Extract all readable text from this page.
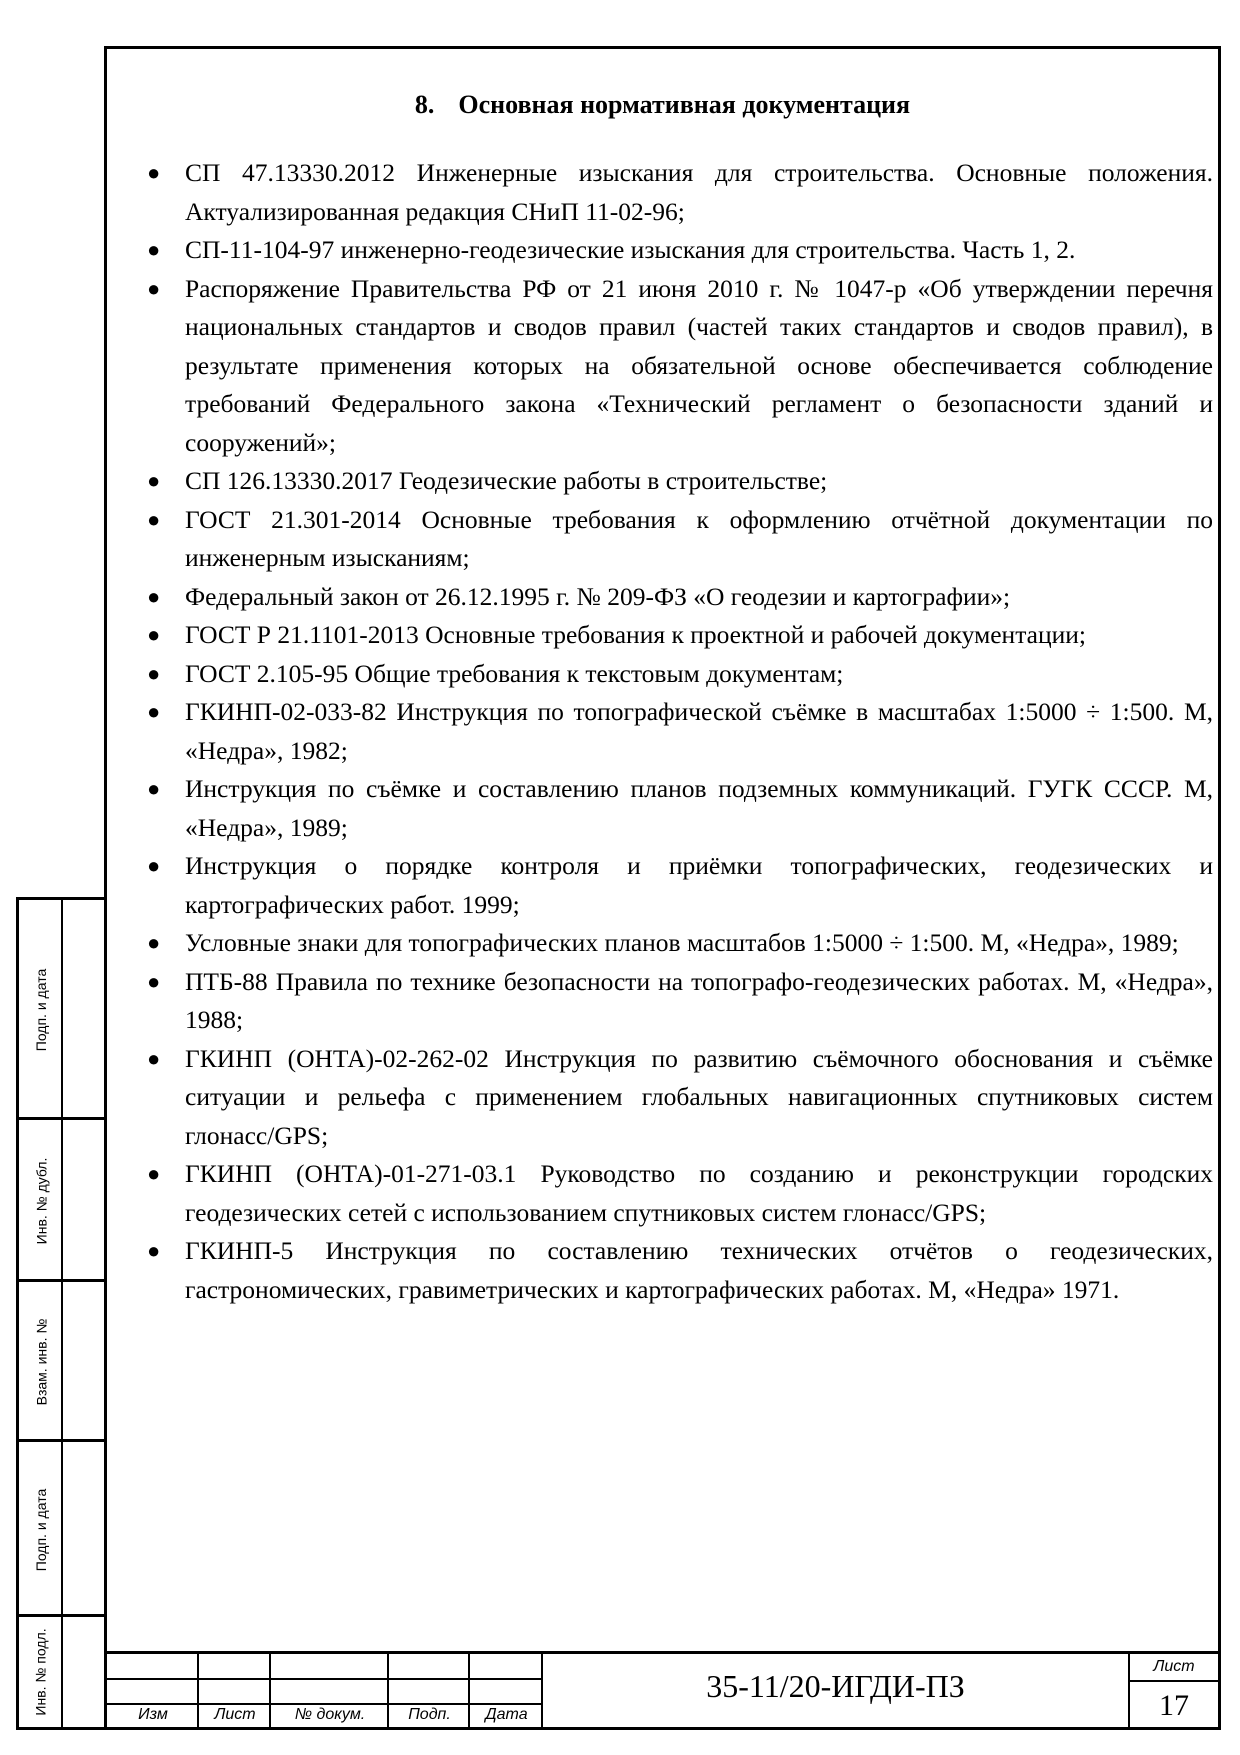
Подп. и дата
Инв. № дубл.
Взам. инв. №
Подп. и дата
Инв. № подл.
8. Основная нормативная документация
● СП 47.13330.2012 Инженерные изыскания для строительства. Основные положения. Актуализированная редакция СНиП 11-02-96;
● СП-11-104-97 инженерно-геодезические изыскания для строительства. Часть 1, 2.
● Распоряжение Правительства РФ от 21 июня 2010 г. № 1047-р «Об утверждении перечня национальных стандартов и сводов правил (частей таких стандартов и сводов правил), в результате применения которых на обязательной основе обеспечивается соблюдение требований Федерального закона «Технический регламент о безопасности зданий и сооружений»;
● СП 126.13330.2017 Геодезические работы в строительстве;
● ГОСТ 21.301-2014 Основные требования к оформлению отчётной документации по инженерным изысканиям;
● Федеральный закон от 26.12.1995 г. № 209-ФЗ «О геодезии и картографии»;
● ГОСТ Р 21.1101-2013 Основные требования к проектной и рабочей документации;
● ГОСТ 2.105-95 Общие требования к текстовым документам;
● ГКИНП-02-033-82 Инструкция по топографической съёмке в масштабах 1:5000 ÷ 1:500. М, «Недра», 1982;
● Инструкция по съёмке и составлению планов подземных коммуникаций. ГУГК СССР. М, «Недра», 1989;
● Инструкция о порядке контроля и приёмки топографических, геодезических и картографических работ. 1999;
● Условные знаки для топографических планов масштабов 1:5000 ÷ 1:500. М, «Недра», 1989;
● ПТБ-88 Правила по технике безопасности на топографо-геодезических работах. М, «Недра», 1988;
● ГКИНП (ОНТА)-02-262-02 Инструкция по развитию съёмочного обоснования и съёмке ситуации и рельефа с применением глобальных навигационных спутниковых систем глонасс/GPS;
● ГКИНП (ОНТА)-01-271-03.1 Руководство по созданию и реконструкции городских геодезических сетей с использованием спутниковых систем глонасс/GPS;
● ГКИНП-5 Инструкция по составлению технических отчётов о геодезических, гастрономических, гравиметрических и картографических работах. М, «Недра» 1971.
Изм	Лист	№ докум.	Подп.	Дата
35-11/20-ИГДИ-ПЗ
Лист
17
